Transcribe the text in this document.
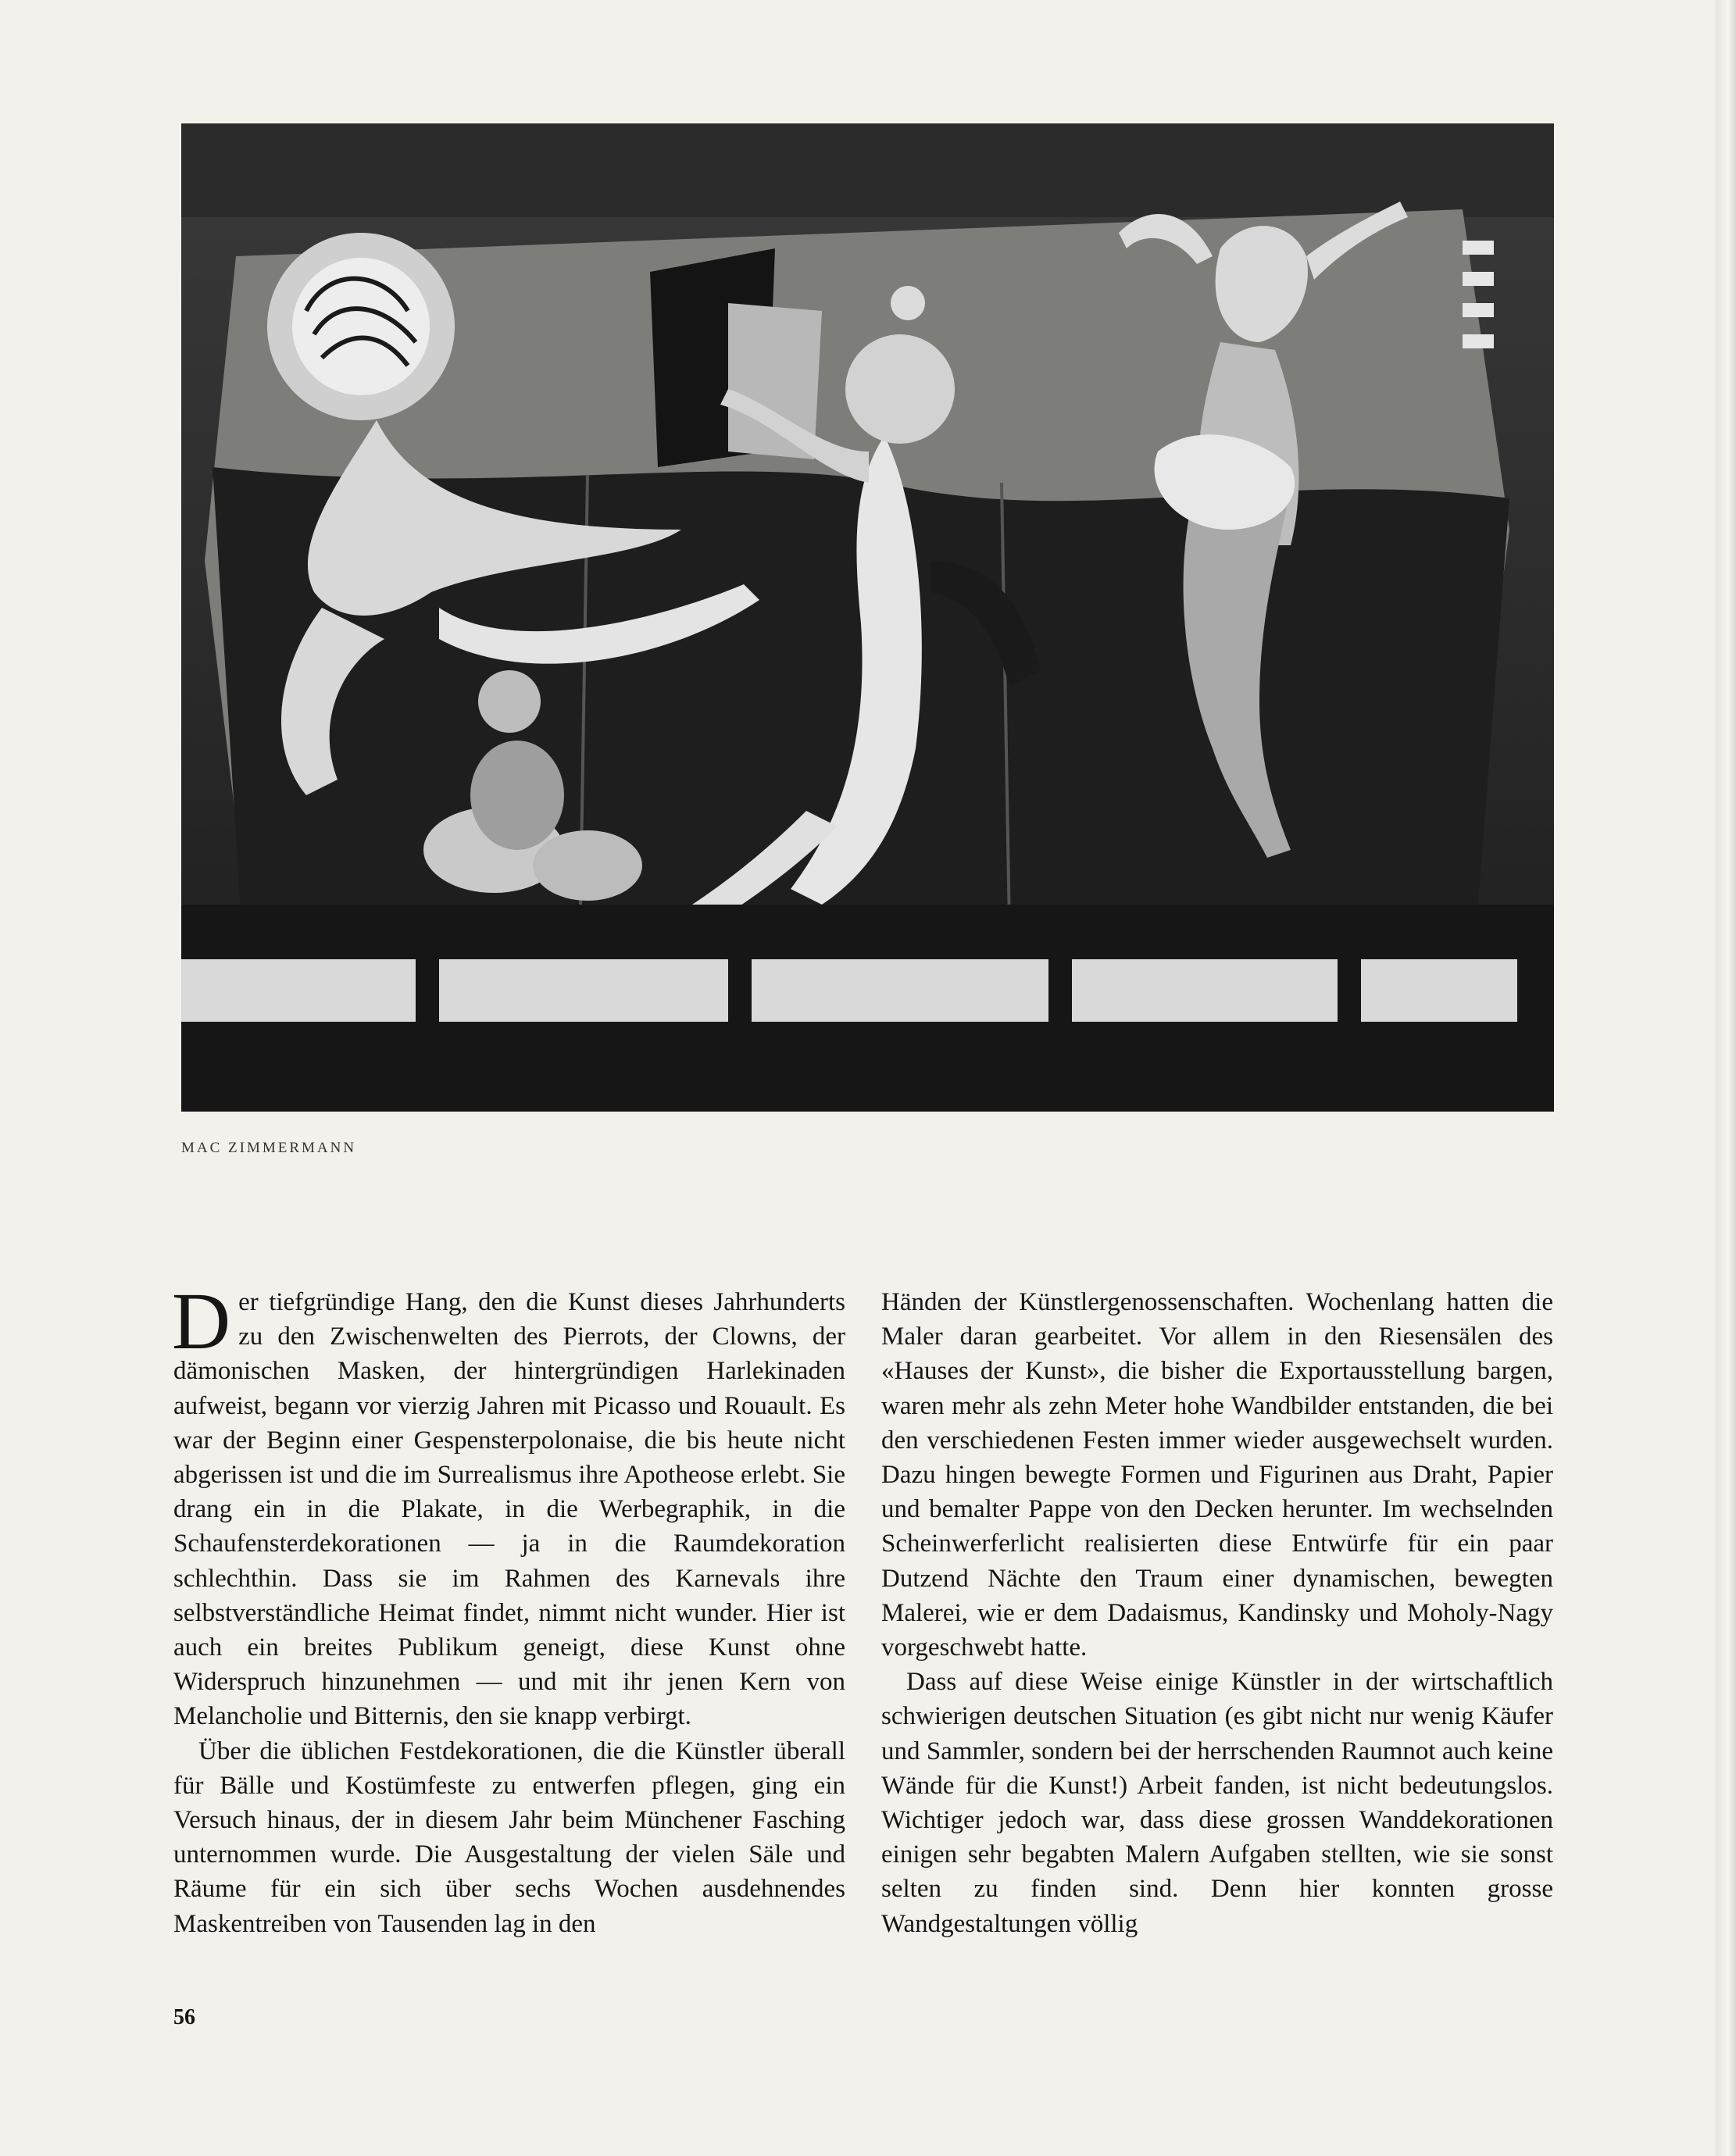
MAC ZIMMERMANN

Der tiefgründige Hang, den die Kunst dieses Jahrhunderts zu den Zwischenwelten des Pierrots, der Clowns, der dämonischen Masken, der hintergründigen Harlekinaden aufweist, begann vor vierzig Jahren mit Picasso und Rouault. Es war der Beginn einer Gespensterpolonaise, die bis heute nicht abgerissen ist und die im Surrealismus ihre Apotheose erlebt. Sie drang ein in die Plakate, in die Werbegraphik, in die Schaufensterdekorationen — ja in die Raumdekoration schlechthin. Dass sie im Rahmen des Karnevals ihre selbstverständliche Heimat findet, nimmt nicht wunder. Hier ist auch ein breites Publikum geneigt, diese Kunst ohne Widerspruch hinzunehmen — und mit ihr jenen Kern von Melancholie und Bitternis, den sie knapp verbirgt.

Über die üblichen Festdekorationen, die die Künstler überall für Bälle und Kostümfeste zu entwerfen pflegen, ging ein Versuch hinaus, der in diesem Jahr beim Münchener Fasching unternommen wurde. Die Ausgestaltung der vielen Säle und Räume für ein sich über sechs Wochen ausdehnendes Maskentreiben von Tausenden lag in den

Händen der Künstlergenossenschaften. Wochenlang hatten die Maler daran gearbeitet. Vor allem in den Riesensälen des «Hauses der Kunst», die bisher die Exportausstellung bargen, waren mehr als zehn Meter hohe Wandbilder entstanden, die bei den verschiedenen Festen immer wieder ausgewechselt wurden. Dazu hingen bewegte Formen und Figurinen aus Draht, Papier und bemalter Pappe von den Decken herunter. Im wechselnden Scheinwerferlicht realisierten diese Entwürfe für ein paar Dutzend Nächte den Traum einer dynamischen, bewegten Malerei, wie er dem Dadaismus, Kandinsky und Moholy-Nagy vorgeschwebt hatte.

Dass auf diese Weise einige Künstler in der wirtschaftlich schwierigen deutschen Situation (es gibt nicht nur wenig Käufer und Sammler, sondern bei der herrschenden Raumnot auch keine Wände für die Kunst!) Arbeit fanden, ist nicht bedeutungslos. Wichtiger jedoch war, dass diese grossen Wanddekorationen einigen sehr begabten Malern Aufgaben stellten, wie sie sonst selten zu finden sind. Denn hier konnten grosse Wandgestaltungen völlig

56
